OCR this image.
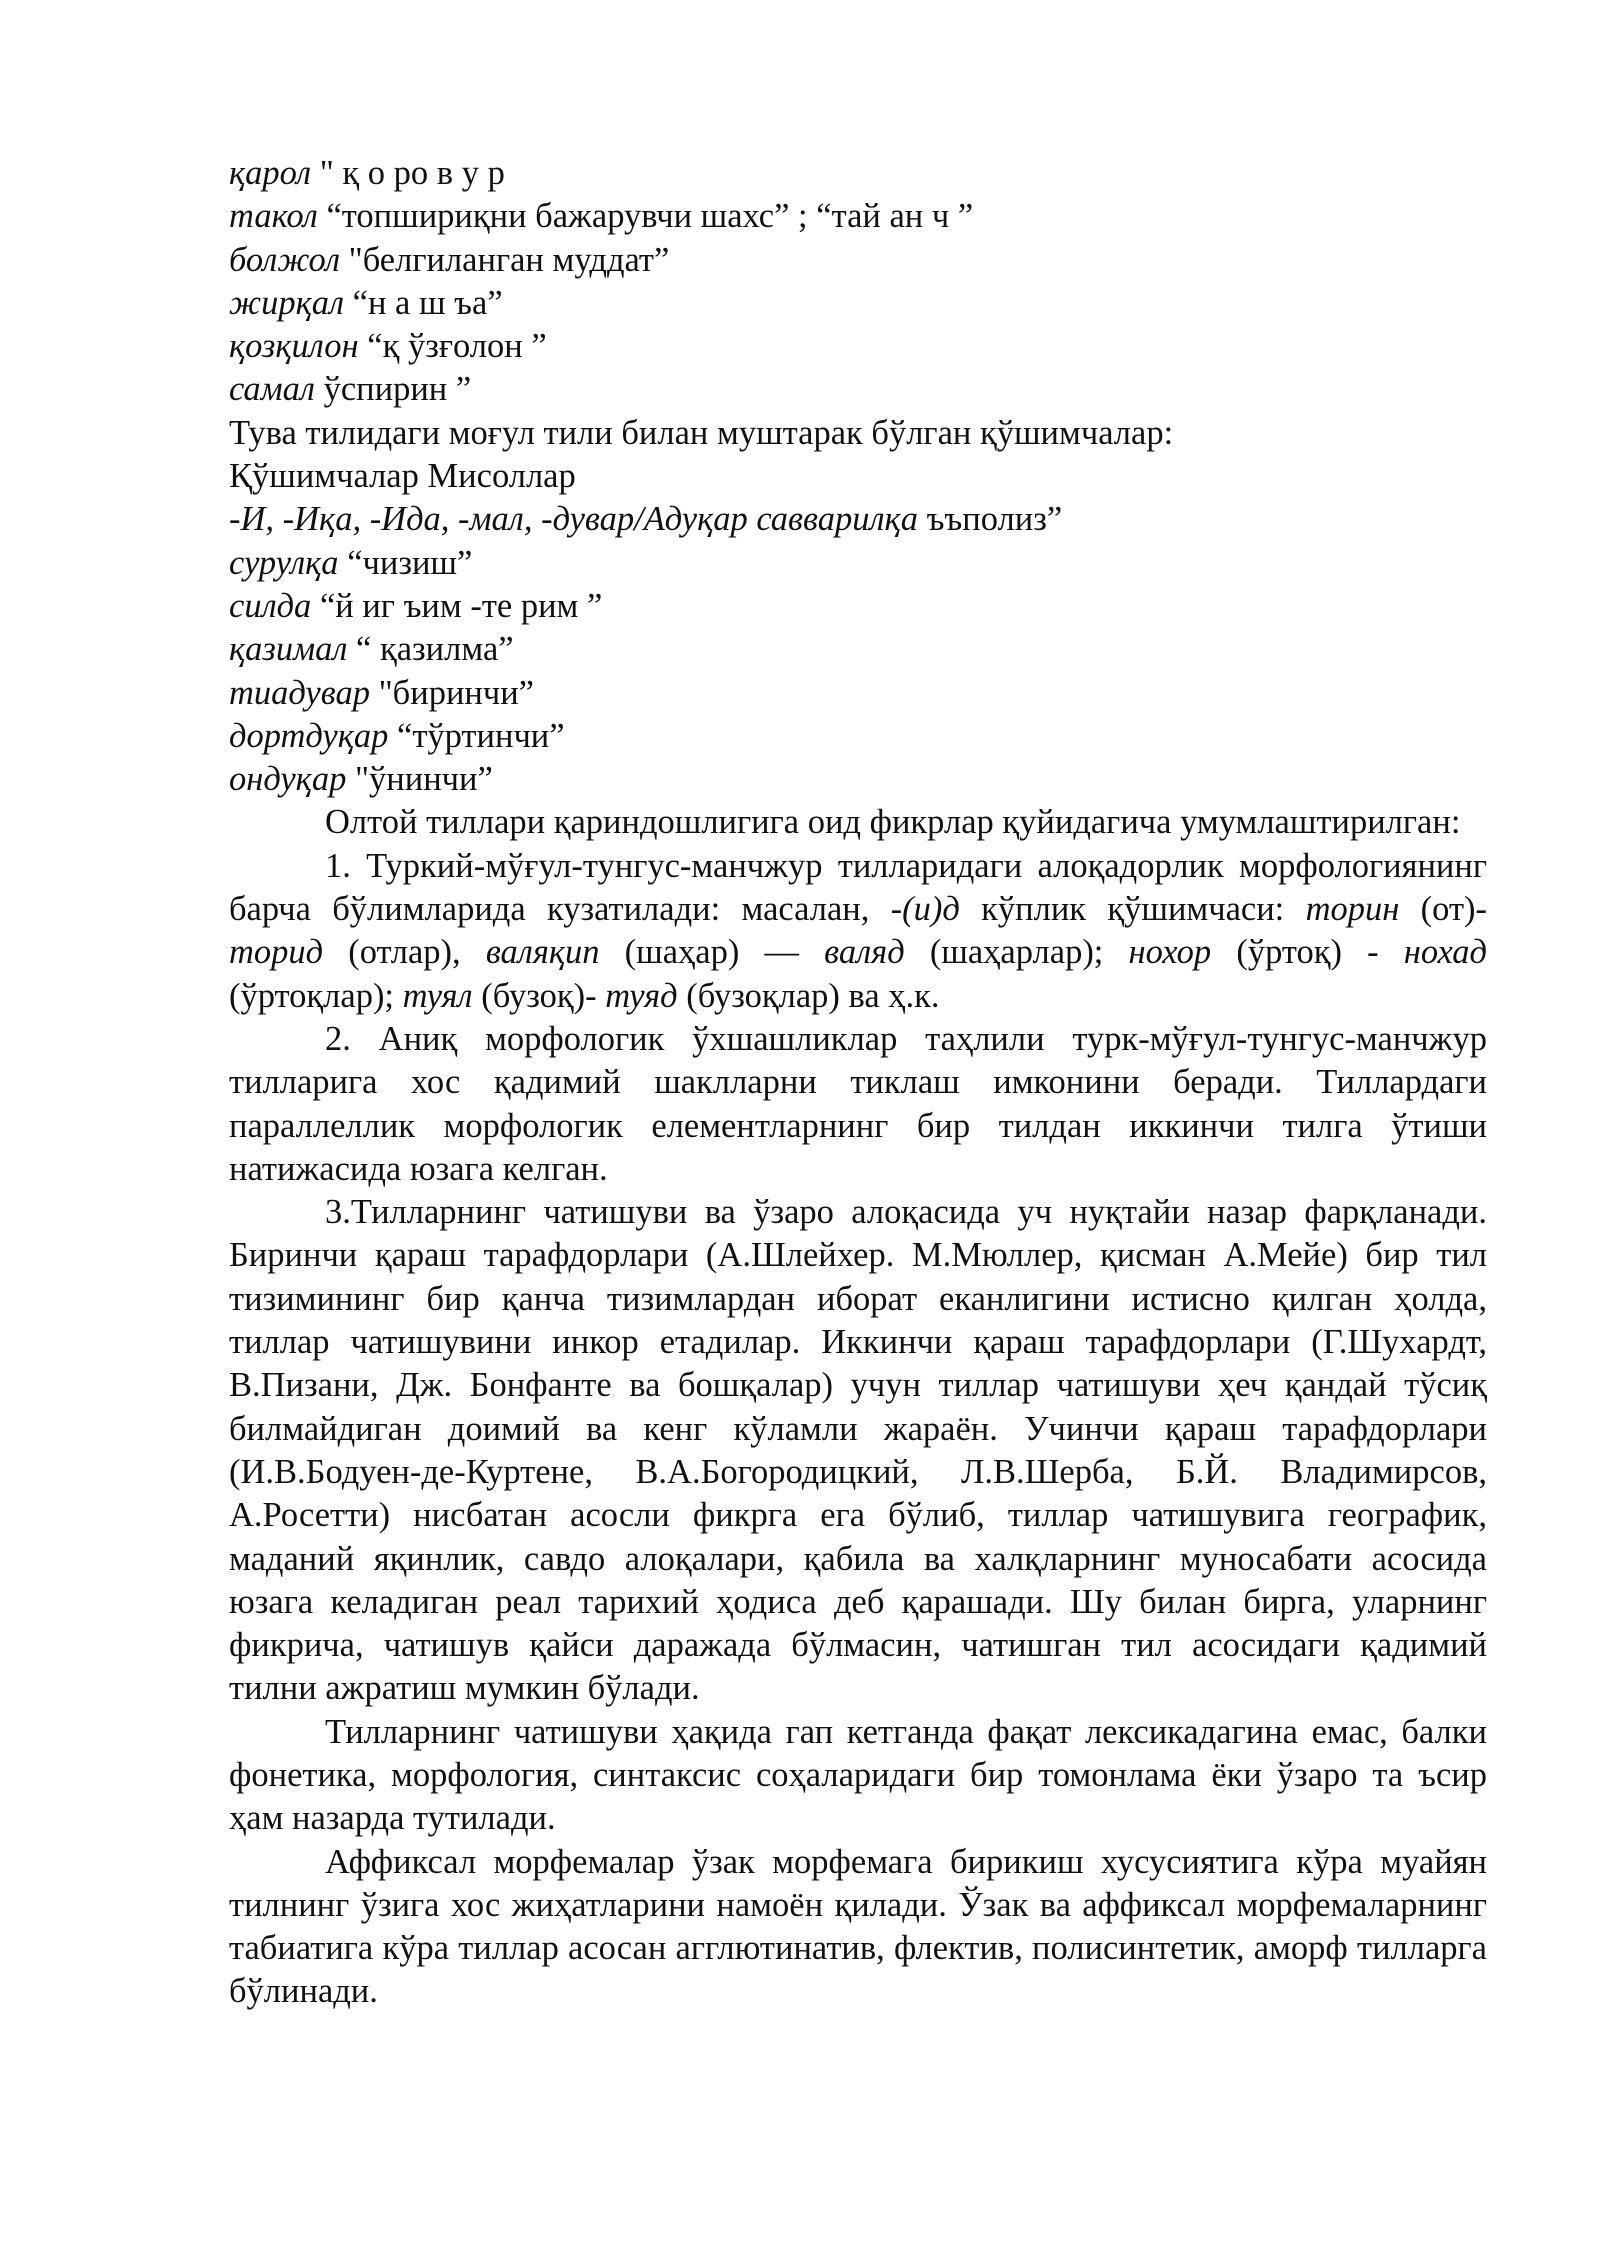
қарол " қ о ро в у р
такол “топшириқни бажарувчи шахс” ; “тай ан ч ”
болжол "белгиланган муддат”
жирқал “н а ш ъа”
қозқилон “қ ўзғолон ”
самал ўспирин ”
Тува тилидаги моғул тили билан муштарак бўлган қўшимчалар:
Қўшимчалар Мисоллар
-И, -Иқа, -Ида, -мал, -дувар/Адуқар савварилқа ъъполиз”
сурулқа “чизиш”
силда “й иг ъим -те рим ”
қазимал “ қазилма”
тиадувар "биринчи”
дортдуқар “тўртинчи”
ондуқар "ўнинчи”

Олтой тиллари қариндошлигига оид фикрлар қуйидагича умумлаштирилган:

1. Туркий-мўғул-тунгус-манчжур тилларидаги алоқадорлик морфологиянинг барча бўлимларида кузатилади: масалан, -(и)д кўплик қўшимчаси: торин (от)- торид (отлар), валяқип (шаҳар) — валяд (шаҳарлар); нохор (ўртоқ) - нохад (ўртоқлар); туял (бузоқ)- туяд (бузоқлар) ва ҳ.к.

2. Аниқ морфологик ўхшашликлар таҳлили турк-мўғул-тунгус-манчжур тилларига хос қадимий шаклларни тиклаш имконини беради. Тиллардаги параллеллик морфологик елементларнинг бир тилдан иккинчи тилга ўтиши натижасида юзага келган.

3.Тилларнинг чатишуви ва ўзаро алоқасида уч нуқтайи назар фарқланади. Биринчи қараш тарафдорлари (А.Шлейхер. М.Мюллер, қисман А.Мейе) бир тил тизимининг бир қанча тизимлардан иборат еканлигини истисно қилган ҳолда, тиллар чатишувини инкор етадилар. Иккинчи қараш тарафдорлари (Г.Шухардт, В.Пизани, Дж. Бонфанте ва бошқалар) учун тиллар чатишуви ҳеч қандай тўсиқ билмайдиган доимий ва кенг кўламли жараён. Учинчи қараш тарафдорлари (И.В.Бодуен-де-Куртене, В.А.Богородицкий, Л.В.Шерба, Б.Й. Владимирсов, А.Росетти) нисбатан асосли фикрга ега бўлиб, тиллар чатишувига географик, маданий яқинлик, савдо алоқалари, қабила ва халқларнинг муносабати асосида юзага келадиган реал тарихий ҳодиса деб қарашади. Шу билан бирга, уларнинг фикрича, чатишув қайси даражада бўлмасин, чатишган тил асосидаги қадимий тилни ажратиш мумкин бўлади.

Тилларнинг чатишуви ҳақида гап кетганда фақат лексикадагина емас, балки фонетика, морфология, синтаксис соҳаларидаги бир томонлама ёки ўзаро та ъсир ҳам назарда тутилади.

Аффиксал морфемалар ўзак морфемага бирикиш хусусиятига кўра муайян тилнинг ўзига хос жиҳатларини намоён қилади. Ўзак ва аффиксал морфемаларнинг табиатига кўра тиллар асосан агглютинатив, флектив, полисинтетик, аморф тилларга бўлинади.
